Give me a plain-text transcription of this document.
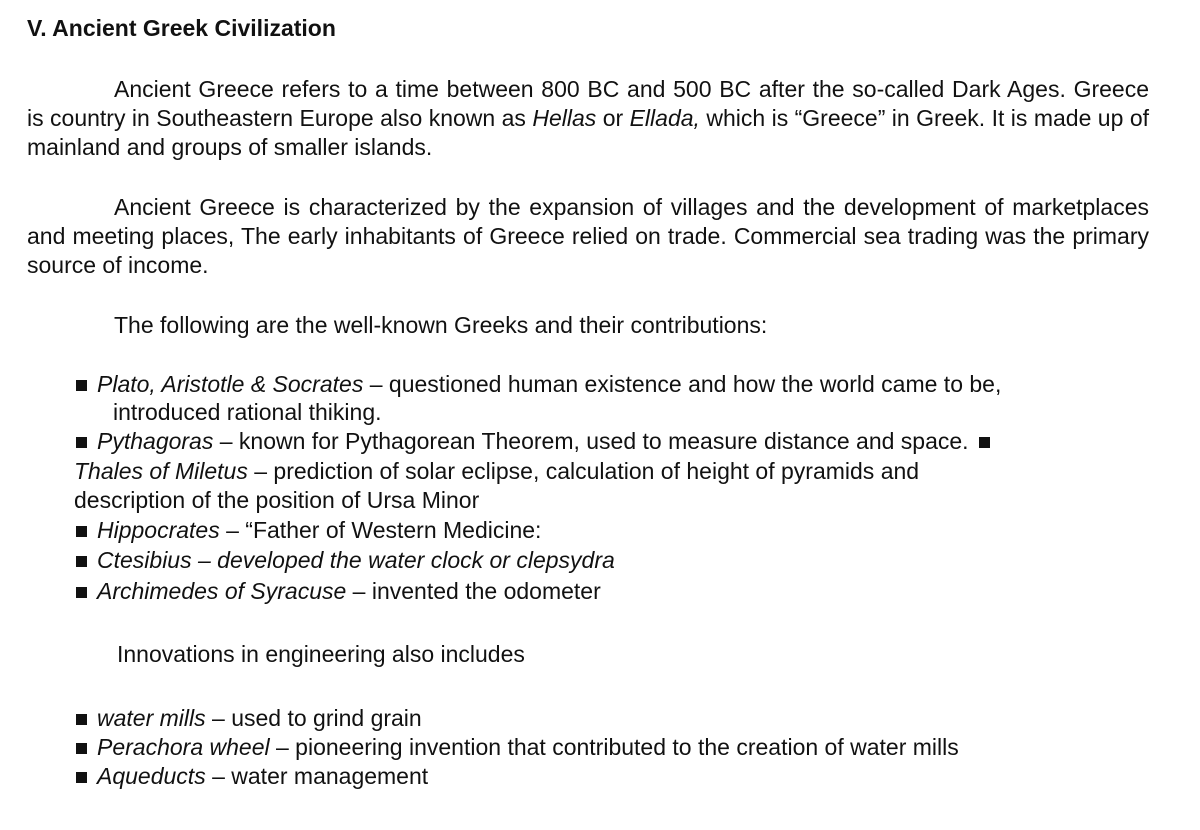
V. Ancient Greek Civilization

Ancient Greece refers to a time between 800 BC and 500 BC after the so-called Dark Ages. Greece is country in Southeastern Europe also known as Hellas or Ellada, which is “Greece” in Greek. It is made up of mainland and groups of smaller islands.

Ancient Greece is characterized by the expansion of villages and the development of marketplaces and meeting places, The early inhabitants of Greece relied on trade. Commercial sea trading was the primary source of income.

The following are the well-known Greeks and their contributions:

Plato, Aristotle & Socrates – questioned human existence and how the world came to be,

introduced rational thiking.

Pythagoras – known for Pythagorean Theorem, used to measure distance and space.

Thales of Miletus – prediction of solar eclipse, calculation of height of pyramids and

description of the position of Ursa Minor

Hippocrates – “Father of Western Medicine:

Ctesibius – developed the water clock or clepsydra

Archimedes of Syracuse – invented the odometer

Innovations in engineering also includes

water mills – used to grind grain

Perachora wheel – pioneering invention that contributed to the creation of water mills

Aqueducts – water management
